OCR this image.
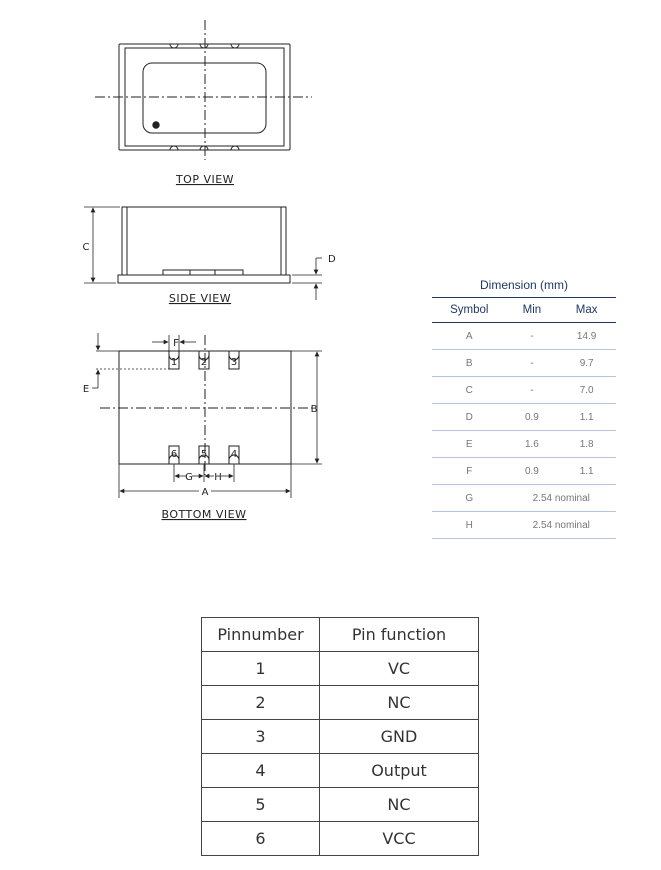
TOP VIEW
C
D
SIDE VIEW
1 2 3
4
5
6
F
E
B
G H
A
BOTTOM VIEW
Dimension (mm)
Symbol	Min	Max
A	-	14.9
B	-	9.7
C	-	7.0
D	0.9	1.1
E	1.6	1.8
F	0.9	1.1
G	2.54 nominal	
H	2.54 nominal	
Pinnumber	Pin function
1	VC
2	NC
3	GND
4	Output
5	NC
6	VCC
